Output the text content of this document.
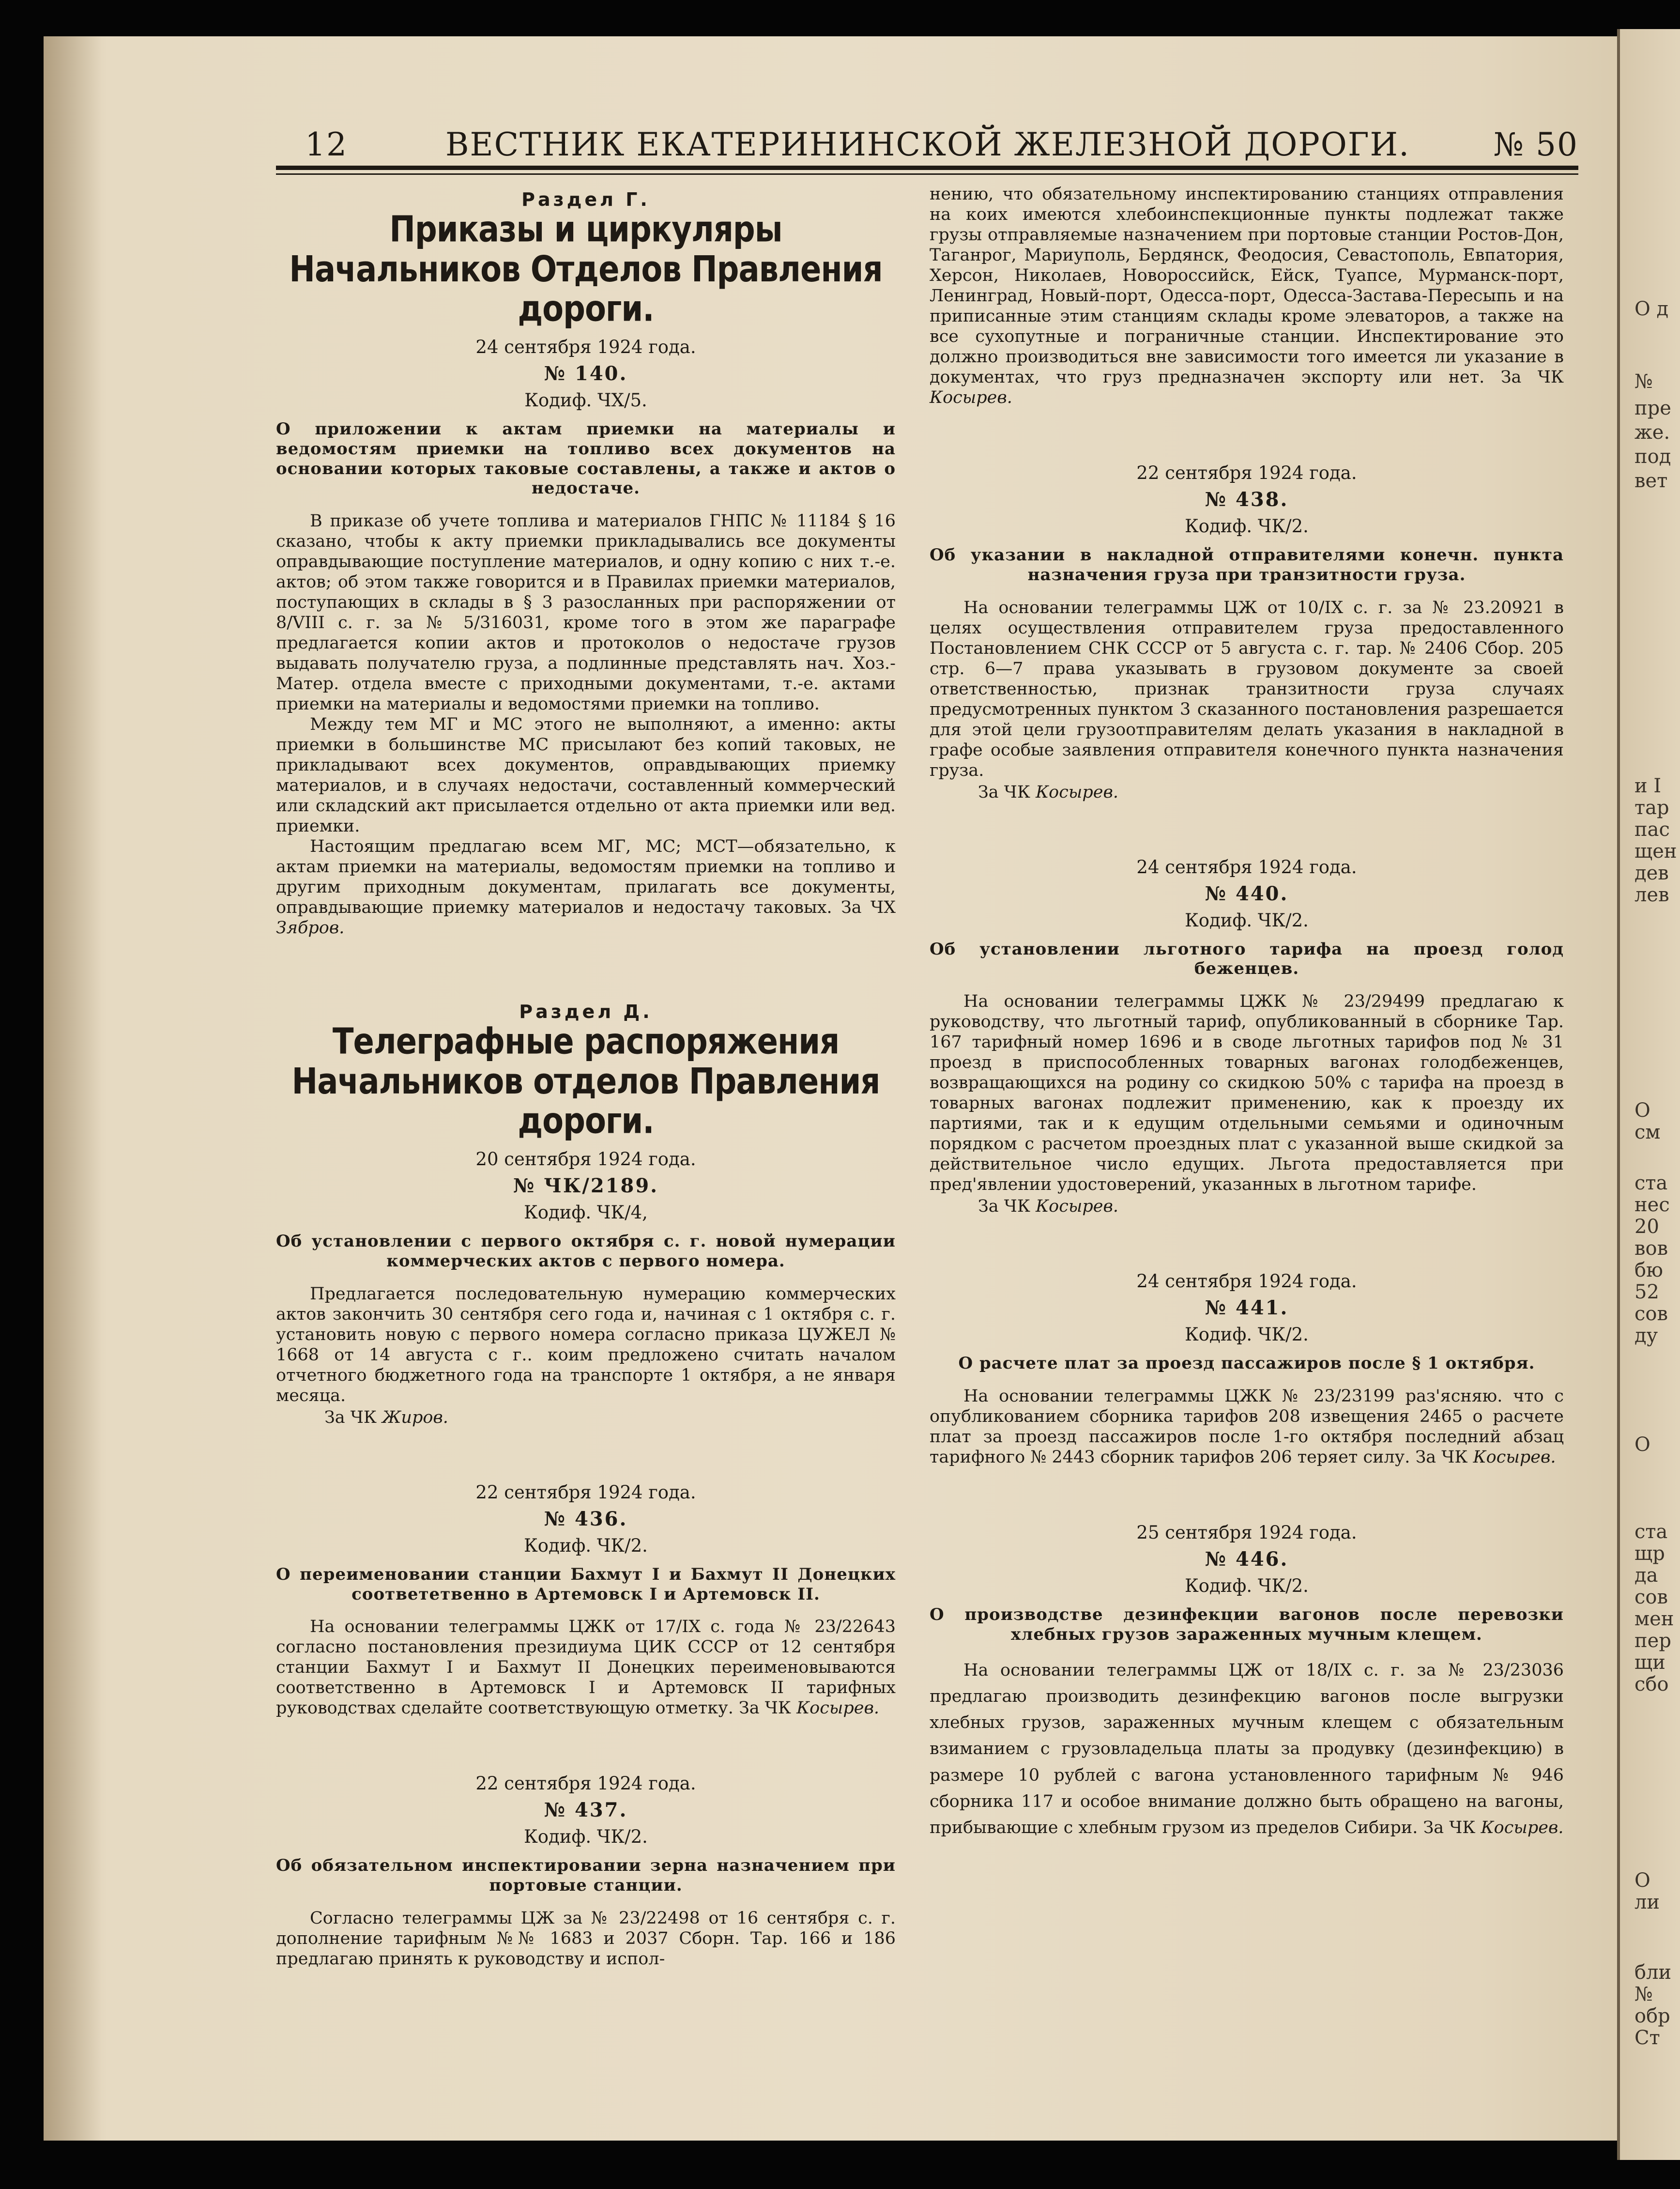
О д
№
пре
же.
под
вет
и І
тар
пас
щен
дев
лев
О
см
ста
нес
20
вов
бю
52
сов
ду
О
ста
щр
да
сов
мен
пер
щи
сбо
О
ли
бли
№
обр
Ст
12	ВЕСТНИК ЕКАТЕРИНИНСКОЙ ЖЕЛЕЗНОЙ ДОРОГИ.	№ 50
Раздел Г.
Приказы и циркуляры Начальников Отделов Правления дороги.
24 сентября 1924 года.
№ 140.
Кодиф. ЧХ/5.
О приложении к актам приемки на материалы и ведомостям приемки на топливо всех документов на основании которых таковые составлены, а также и актов о недостаче.

В приказе об учете топлива и материалов ГНПС № 11184 § 16 сказано, чтобы к акту приемки прикладывались все документы оправдывающие поступление материалов, и одну копию с них т.-е. актов; об этом также говорится и в Правилах приемки материалов, поступающих в склады в § 3 разосланных при распоряжении от 8/VIII с. г. за № 5/316031, кроме того в этом же параграфе предлагается копии актов и протоколов о недостаче грузов выдавать получателю груза, а подлинные представлять нач. Хоз.-Матер. отдела вместе с приходными документами, т.-е. актами приемки на материалы и ведомостями приемки на топливо.

Между тем МГ и МС этого не выполняют, а именно: акты приемки в большинстве МС присылают без копий таковых, не прикладывают всех документов, оправдывающих приемку материалов, и в случаях недостачи, составленный коммерческий или складский акт присылается отдельно от акта приемки или вед. приемки.

Настоящим предлагаю всем МГ, МС; МСТ—обязательно, к актам приемки на материалы, ведомостям приемки на топливо и другим приходным документам, прилагать все документы, оправдывающие приемку материалов и недостачу таковых. За ЧХ Зябров.

Раздел Д.
Телеграфные распоряжения Начальников отделов Правления дороги.
20 сентября 1924 года.
№ ЧК/2189.
Кодиф. ЧК/4,
Об установлении с первого октября с. г. новой нумерации коммерческих актов с первого номера.

Предлагается последовательную нумерацию коммерческих актов закончить 30 сентября сего года и, начиная с 1 октября с. г. установить новую с первого номера согласно приказа ЦУЖЕЛ № 1668 от 14 августа с г.. коим предложено считать началом отчетного бюджетного года на транспорте 1 октября, а не января месяца.

За ЧК Жиров.
22 сентября 1924 года.
№ 436.
Кодиф. ЧК/2.
О переименовании станции Бахмут I и Бахмут II Донецких соответетвенно в Артемовск I и Артемовск II.

На основании телеграммы ЦЖК от 17/IX с. года № 23/22643 согласно постановления президиума ЦИК СССР от 12 сентября станции Бахмут I и Бахмут II Донецких переименовываются соответственно в Артемовск I и Артемовск II тарифных руководствах сделайте соответствующую отметку. За ЧК Косырев.

22 сентября 1924 года.
№ 437.
Кодиф. ЧК/2.
Об обязательном инспектировании зерна назначением при портовые станции.

Согласно телеграммы ЦЖ за № 23/22498 от 16 сентября с. г. дополнение тарифным №№ 1683 и 2037 Сборн. Тар. 166 и 186 предлагаю принять к руководству и испол-

нению, что обязательному инспектированию станциях отправления на коих имеются хлебоинспекционные пункты подлежат также грузы отправляемые назначением при портовые станции Ростов-Дон, Таганрог, Мариуполь, Бердянск, Феодосия, Севастополь, Евпатория, Херсон, Николаев, Новороссийск, Ейск, Туапсе, Мурманск-порт, Ленинград, Новый-порт, Одесса-порт, Одесса-Застава-Пересыпь и на приписанные этим станциям склады кроме элеваторов, а также на все сухопутные и пограничные станции. Инспектирование это должно производиться вне зависимости того имеется ли указание в документах, что груз предназначен экспорту или нет. За ЧК Косырев.

22 сентября 1924 года.
№ 438.
Кодиф. ЧК/2.
Об указании в накладной отправителями конечн. пункта назначения груза при транзитности груза.

На основании телеграммы ЦЖ от 10/IX с. г. за № 23.20921 в целях осуществления отправителем груза предоставленного Постановлением СНК СССР от 5 августа с. г. тар. № 2406 Сбор. 205 стр. 6—7 права указывать в грузовом документе за своей ответственностью, признак транзитности груза случаях предусмотренных пунктом 3 сказанного постановления разрешается для этой цели грузоотправителям делать указания в накладной в графе особые заявления отправителя конечного пункта назначения груза.

За ЧК Косырев.
24 сентября 1924 года.
№ 440.
Кодиф. ЧК/2.
Об установлении льготного тарифа на проезд голод беженцев.

На основании телеграммы ЦЖК № 23/29499 предлагаю к руководству, что льготный тариф, опубликованный в сборнике Тар. 167 тарифный номер 1696 и в своде льготных тарифов под № 31 проезд в приспособленных товарных вагонах голодбеженцев, возвращающихся на родину со скидкою 50% с тарифа на проезд в товарных вагонах подлежит применению, как к проезду их партиями, так и к едущим отдельными семьями и одиночным порядком с расчетом проездных плат с указанной выше скидкой за действительное число едущих. Льгота предоставляется при пред'явлении удостоверений, указанных в льготном тарифе.

За ЧК Косырев.
24 сентября 1924 года.
№ 441.
Кодиф. ЧК/2.
О расчете плат за проезд пассажиров после § 1 октября.

На основании телеграммы ЦЖК № 23/23199 раз'ясняю. что с опубликованием сборника тарифов 208 извещения 2465 о расчете плат за проезд пассажиров после 1-го октября последний абзац тарифного № 2443 сборник тарифов 206 теряет силу. За ЧК Косырев.

25 сентября 1924 года.
№ 446.
Кодиф. ЧК/2.
О производстве дезинфекции вагонов после перевозки хлебных грузов зараженных мучным клещем.

На основании телеграммы ЦЖ от 18/IX с. г. за № 23/23036 предлагаю производить дезинфекцию вагонов после выгрузки хлебных грузов, зараженных мучным клещем с обязательным взиманием с грузовладельца платы за продувку (дезинфекцию) в размере 10 рублей с вагона установленного тарифным № 946 сборника 117 и особое внимание должно быть обращено на вагоны, прибывающие с хлебным грузом из пределов Сибири. За ЧК Косырев.
